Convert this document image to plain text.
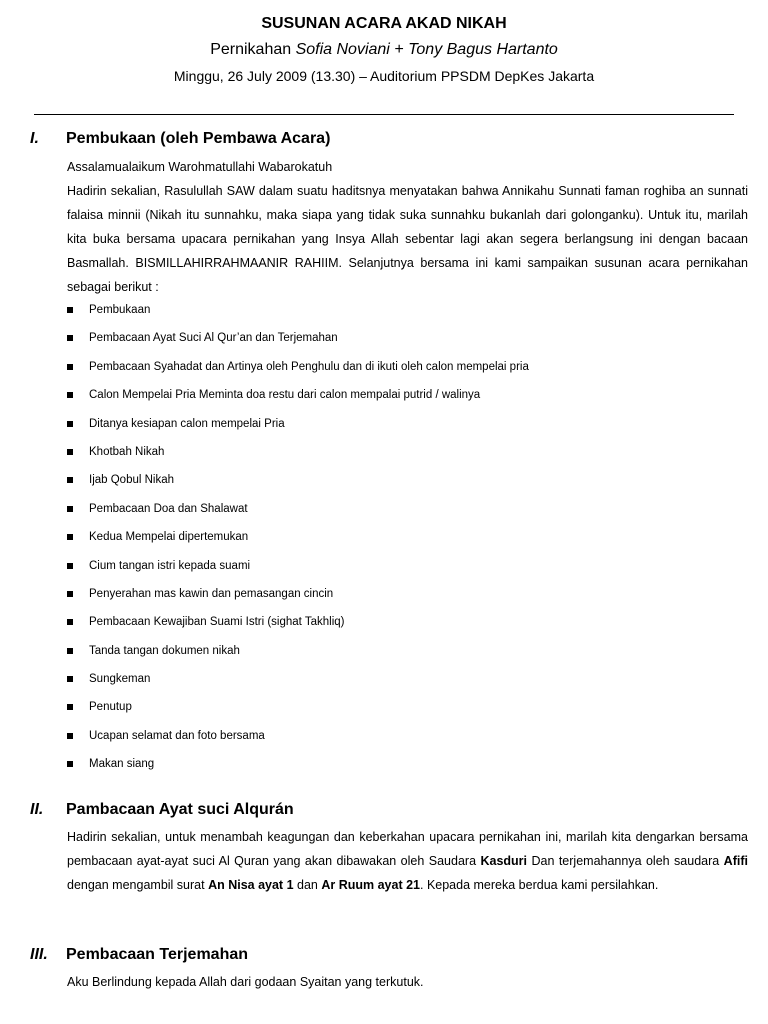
SUSUNAN ACARA AKAD NIKAH
Pernikahan Sofia Noviani + Tony Bagus Hartanto
Minggu, 26 July 2009 (13.30) – Auditorium PPSDM DepKes Jakarta
I. Pembukaan (oleh Pembawa Acara)
Assalamualaikum Warohmatullahi Wabarokatuh
Hadirin sekalian, Rasulullah SAW dalam suatu haditsnya menyatakan bahwa Annikahu Sunnati faman roghiba an sunnati falaisa minnii (Nikah itu sunnahku, maka siapa yang tidak suka sunnahku bukanlah dari golonganku). Untuk itu, marilah kita buka bersama upacara pernikahan yang Insya Allah sebentar lagi akan segera berlangsung ini dengan bacaan Basmallah. BISMILLAHIRRAHMAANIR RAHIIM. Selanjutnya bersama ini kami sampaikan susunan acara pernikahan sebagai berikut :
Pembukaan
Pembacaan Ayat Suci Al Qur’an dan Terjemahan
Pembacaan Syahadat dan Artinya oleh Penghulu dan di ikuti oleh calon mempelai pria
Calon Mempelai Pria Meminta doa restu dari calon mempalai putrid / walinya
Ditanya kesiapan calon mempelai Pria
Khotbah Nikah
Ijab Qobul Nikah
Pembacaan Doa dan Shalawat
Kedua Mempelai dipertemukan
Cium tangan istri kepada suami
Penyerahan mas kawin dan pemasangan cincin
Pembacaan Kewajiban Suami Istri (sighat Takhliq)
Tanda tangan dokumen nikah
Sungkeman
Penutup
Ucapan selamat dan foto bersama
Makan siang
II. Pambacaan Ayat suci Alqurán
Hadirin sekalian, untuk menambah keagungan dan keberkahan upacara pernikahan ini, marilah kita dengarkan bersama pembacaan ayat-ayat suci Al Quran yang akan dibawakan oleh Saudara Kasduri Dan terjemahannya oleh saudara Afifi dengan mengambil surat An Nisa ayat 1 dan Ar Ruum ayat 21. Kepada mereka berdua kami persilahkan.
III. Pembacaan Terjemahan
Aku Berlindung kepada Allah dari godaan Syaitan yang terkutuk.
